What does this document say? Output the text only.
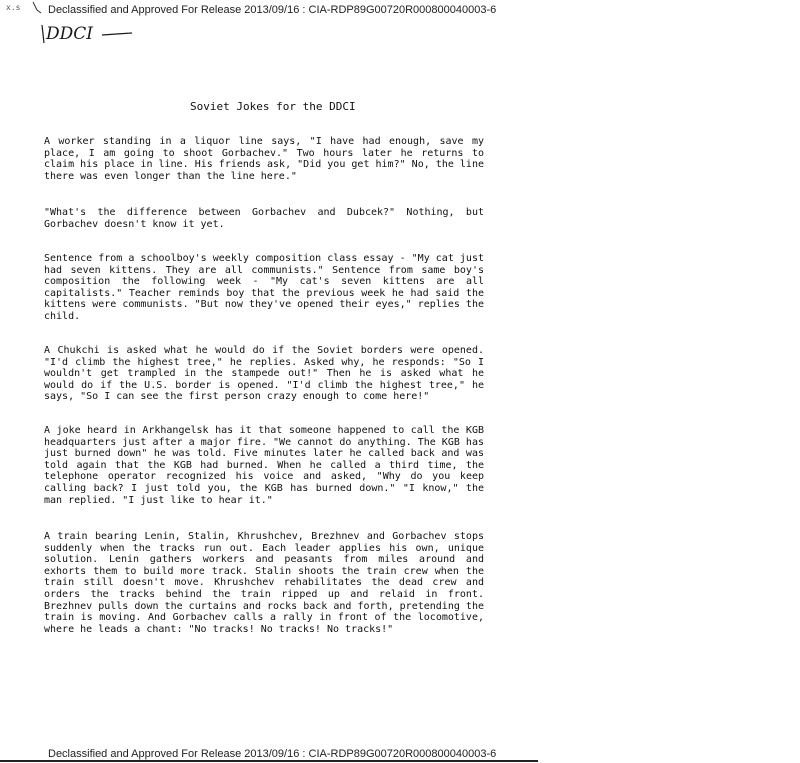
x.s	Declassified and Approved For Release 2013/09/16 : CIA-RDP89G00720R000800040003-6
DDCI
Soviet Jokes for the DDCI

A worker standing in a liquor line says, "I have had enough, save my place, I am going to shoot Gorbachev." Two hours later he returns to claim his place in line. His friends ask, "Did you get him?" No, the line there was even longer than the line here."

"What's the difference between Gorbachev and Dubcek?" Nothing, but Gorbachev doesn't know it yet.

Sentence from a schoolboy's weekly composition class essay - "My cat just had seven kittens. They are all communists." Sentence from same boy's composition the following week - "My cat's seven kittens are all capitalists." Teacher reminds boy that the previous week he had said the kittens were communists. "But now they've opened their eyes," replies the child.

A Chukchi is asked what he would do if the Soviet borders were opened. "I'd climb the highest tree," he replies. Asked why, he responds: "So I wouldn't get trampled in the stampede out!" Then he is asked what he would do if the U.S. border is opened. "I'd climb the highest tree," he says, "So I can see the first person crazy enough to come here!"

A joke heard in Arkhangelsk has it that someone happened to call the KGB headquarters just after a major fire. "We cannot do anything. The KGB has just burned down" he was told. Five minutes later he called back and was told again that the KGB had burned. When he called a third time, the telephone operator recognized his voice and asked, "Why do you keep calling back? I just told you, the KGB has burned down." "I know," the man replied. "I just like to hear it."

A train bearing Lenin, Stalin, Khrushchev, Brezhnev and Gorbachev stops suddenly when the tracks run out. Each leader applies his own, unique solution. Lenin gathers workers and peasants from miles around and exhorts them to build more track. Stalin shoots the train crew when the train still doesn't move. Khrushchev rehabilitates the dead crew and orders the tracks behind the train ripped up and relaid in front. Brezhnev pulls down the curtains and rocks back and forth, pretending the train is moving. And Gorbachev calls a rally in front of the locomotive, where he leads a chant: "No tracks! No tracks! No tracks!"

Declassified and Approved For Release 2013/09/16 : CIA-RDP89G00720R000800040003-6
